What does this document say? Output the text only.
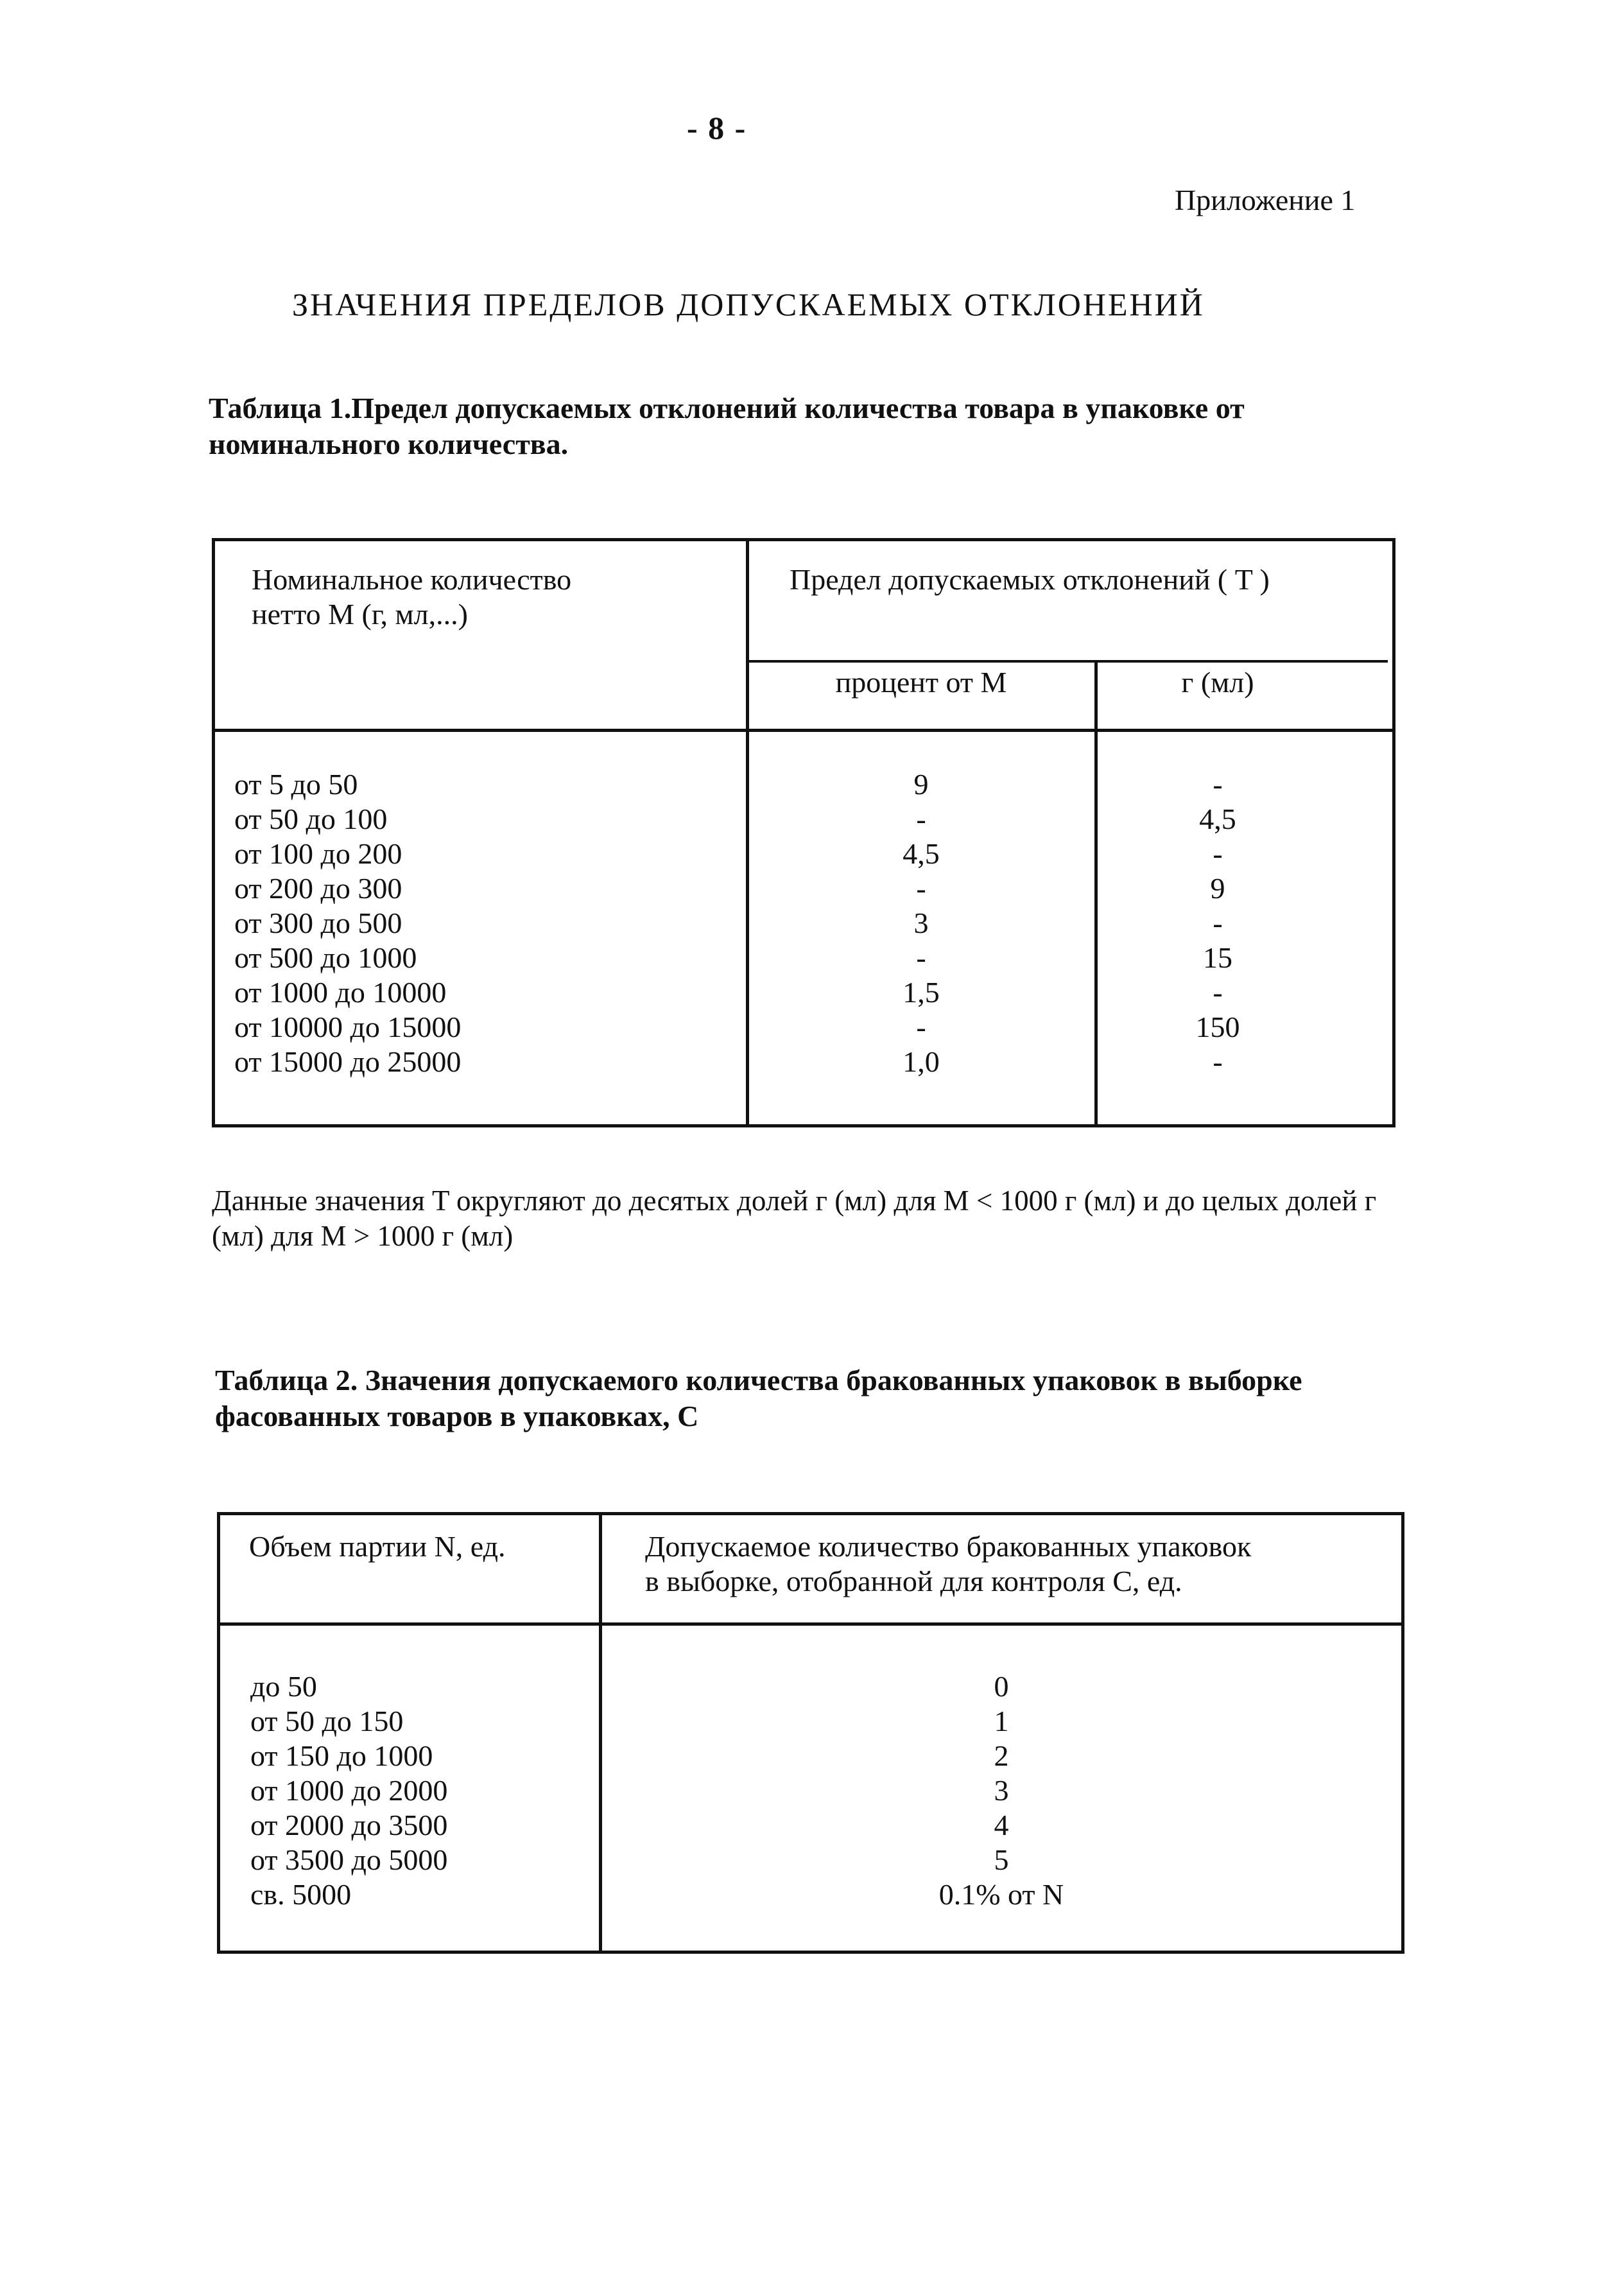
- 8 -
Приложение 1
ЗНАЧЕНИЯ ПРЕДЕЛОВ ДОПУСКАЕМЫХ ОТКЛОНЕНИЙ
Таблица 1.Предел допускаемых отклонений количества товара в упаковке от номинального количества.
Номинальное количество
нетто M (г, мл,...)
Предел допускаемых отклонений ( T )
процент от M	г (мл)
от 5 до 50
от 50 до 100
от 100 до 200
от 200 до 300
от 300 до 500
от 500 до 1000
от 1000 до 10000
от 10000 до 15000
от 15000 до 25000
9
-
4,5
-
3
-
1,5
-
1,0
-
4,5
-
9
-
15
-
150
-
Данные значения T округляют до десятых долей г (мл) для M < 1000 г (мл) и до целых долей г (мл) для M > 1000 г (мл)
Таблица 2. Значения допускаемого количества бракованных упаковок в выборке фасованных товаров в упаковках, C
Объем партии N, ед.	Допускаемое количество бракованных упаковок
в выборке, отобранной для контроля С, ед.
до 50
от 50 до 150
от 150 до 1000
от 1000 до 2000
от 2000 до 3500
от 3500 до 5000
св. 5000
0
1
2
3
4
5
0.1% от N
